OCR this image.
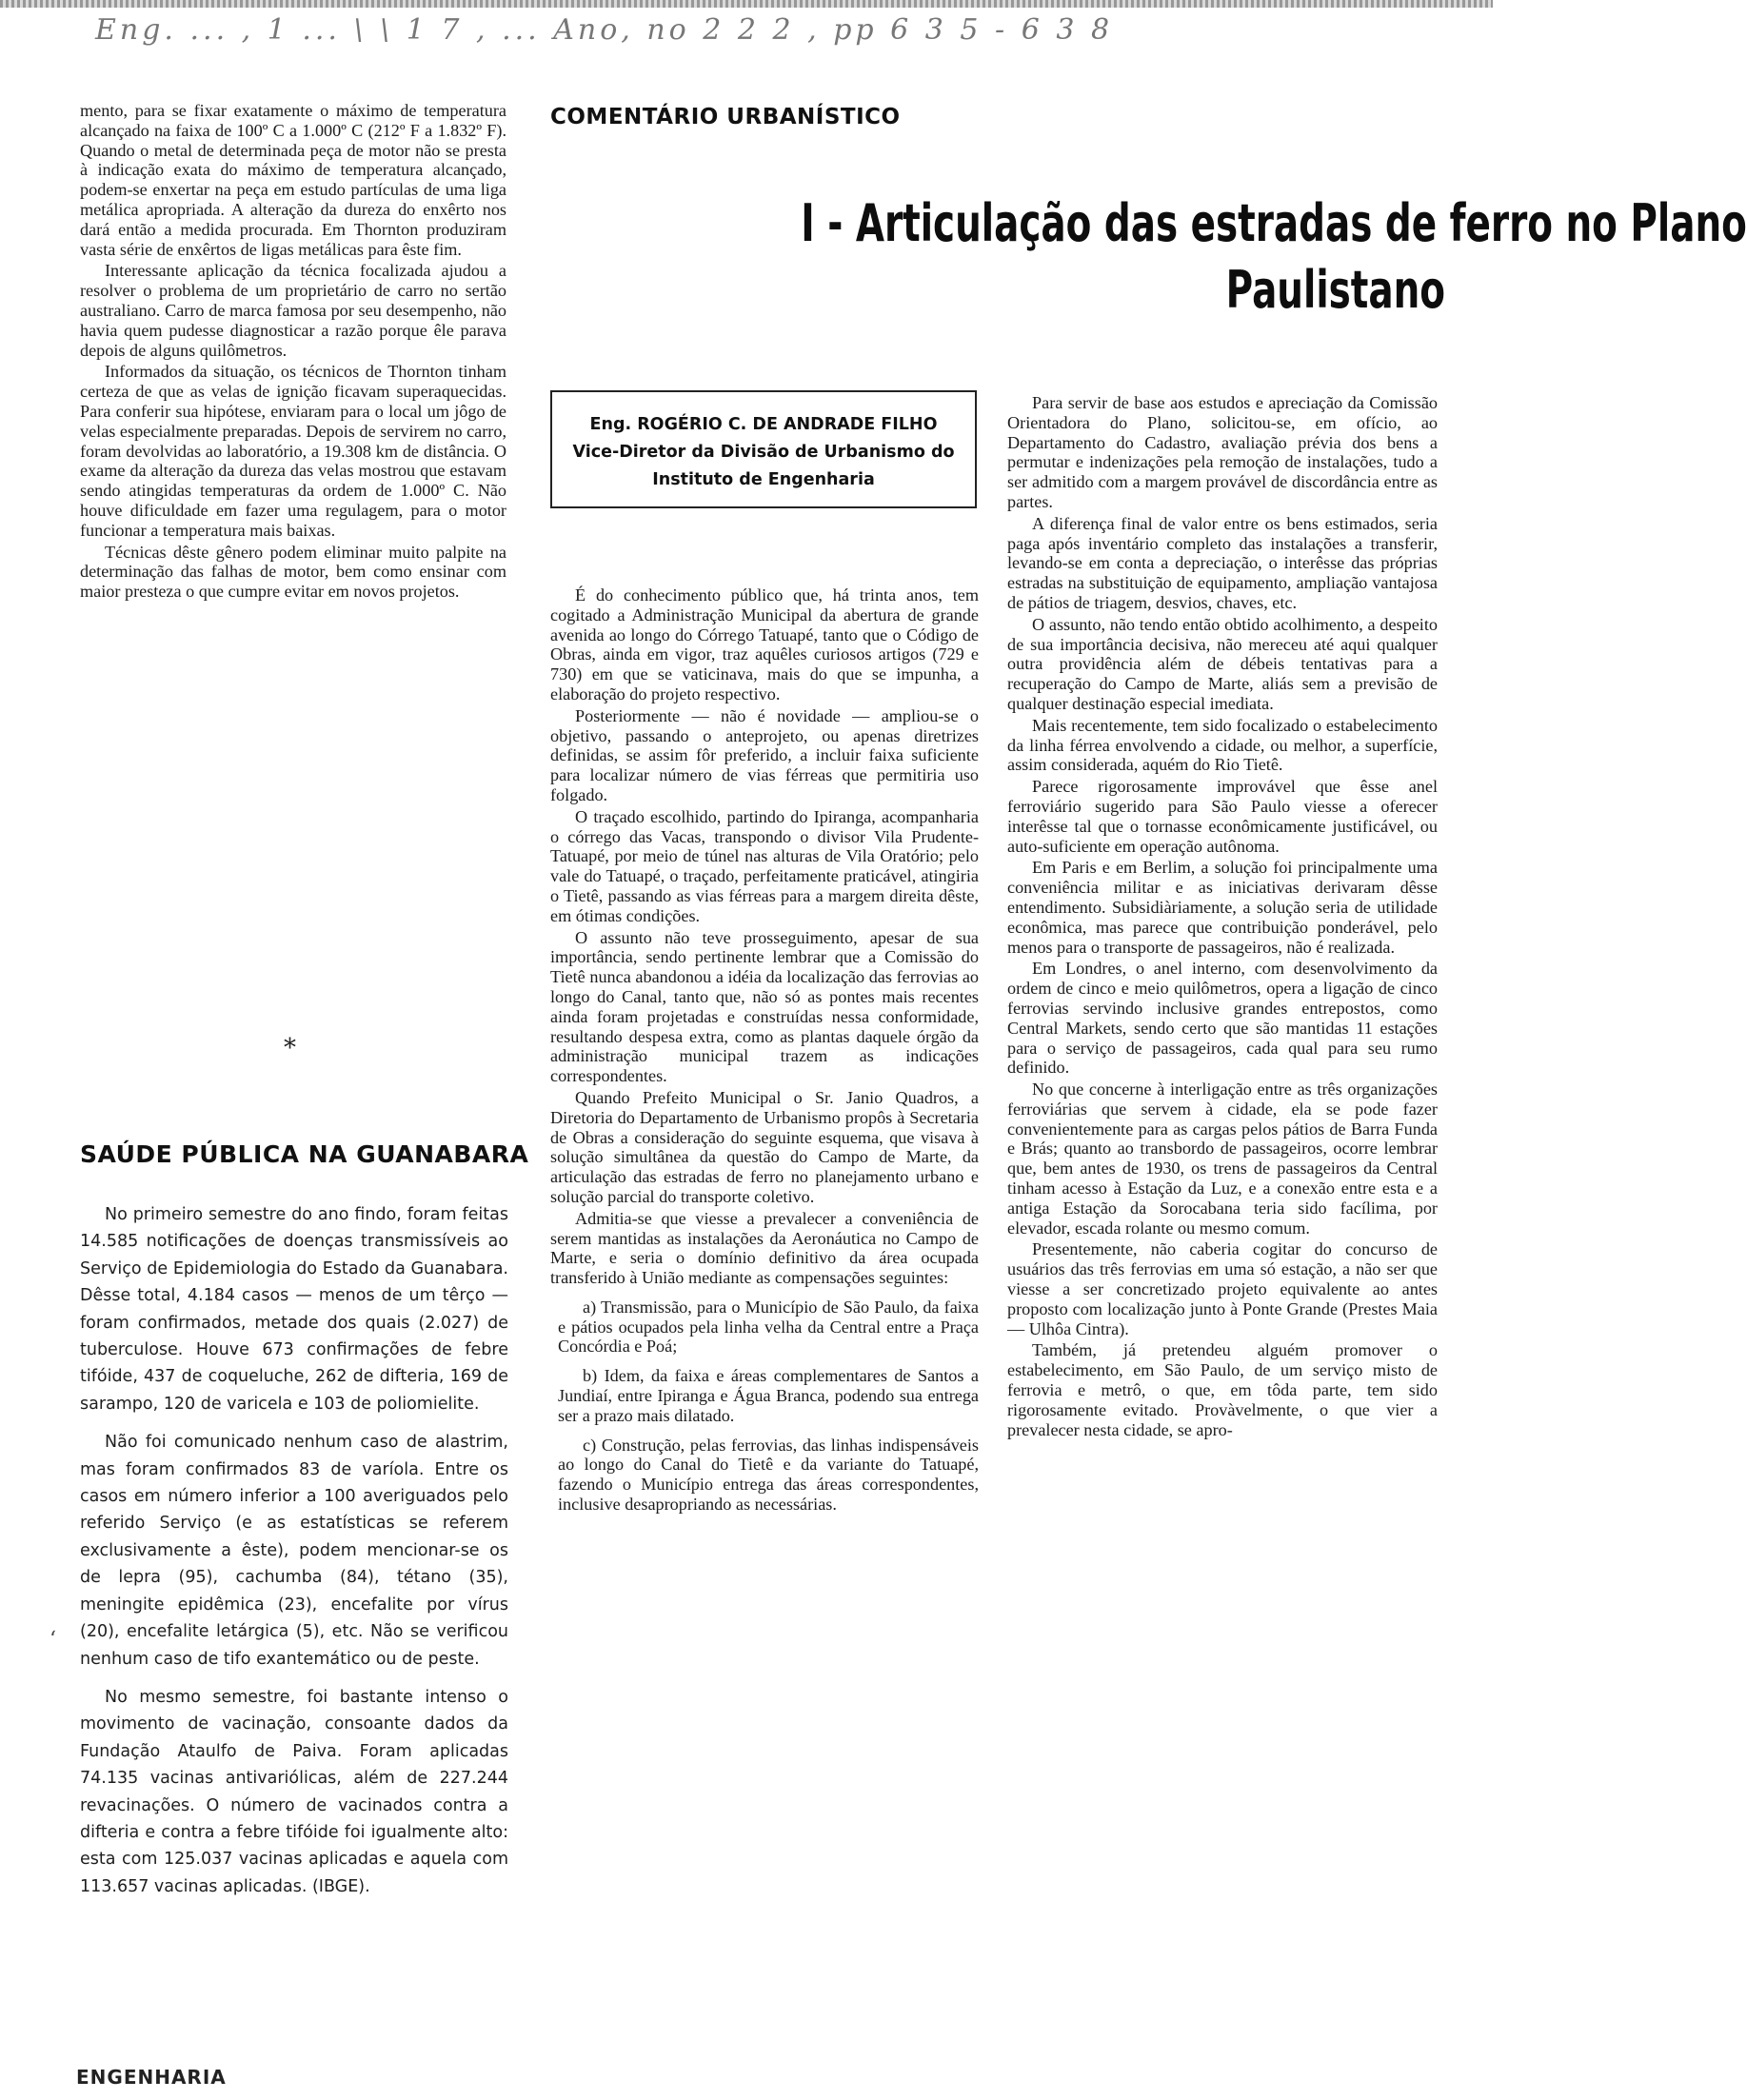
Eng. ... , 1 ... \ \ 1 7 , ... Ano, no 2 2 2 , pp 6 3 5 - 6 3 8

mento, para se fixar exatamente o máximo de temperatura alcançado na faixa de 100º C a 1.000º C (212º F a 1.832º F). Quando o metal de determinada peça de motor não se presta à indicação exata do máximo de temperatura alcançado, podem-se enxertar na peça em estudo partículas de uma liga metálica apropriada. A alteração da dureza do enxêrto nos dará então a medida procurada. Em Thornton produziram vasta série de enxêrtos de ligas metálicas para êste fim.

Interessante aplicação da técnica focalizada ajudou a resolver o problema de um proprietário de carro no sertão australiano. Carro de marca famosa por seu desempenho, não havia quem pudesse diagnosticar a razão porque êle parava depois de alguns quilômetros.

Informados da situação, os técnicos de Thornton tinham certeza de que as velas de ignição ficavam superaquecidas. Para conferir sua hipótese, enviaram para o local um jôgo de velas especialmente preparadas. Depois de servirem no carro, foram devolvidas ao laboratório, a 19.308 km de distância. O exame da alteração da dureza das velas mostrou que estavam sendo atingidas temperaturas da ordem de 1.000º C. Não houve dificuldade em fazer uma regulagem, para o motor funcionar a temperatura mais baixas.

Técnicas dêste gênero podem eliminar muito palpite na determinação das falhas de motor, bem como ensinar com maior presteza o que cumpre evitar em novos projetos.

*
SAÚDE PÚBLICA NA GUANABARA

No primeiro semestre do ano findo, foram feitas 14.585 notificações de doenças transmissíveis ao Serviço de Epidemiologia do Estado da Guanabara. Dêsse total, 4.184 casos — menos de um têrço — foram confirmados, metade dos quais (2.027) de tuberculose. Houve 673 confirmações de febre tifóide, 437 de coqueluche, 262 de difteria, 169 de sarampo, 120 de varicela e 103 de poliomielite.

Não foi comunicado nenhum caso de alastrim, mas foram confirmados 83 de varíola. Entre os casos em número inferior a 100 averiguados pelo referido Serviço (e as estatísticas se referem exclusivamente a êste), podem mencionar-se os de lepra (95), cachumba (84), tétano (35), meningite epidêmica (23), encefalite por vírus (20), encefalite letárgica (5), etc. Não se verificou nenhum caso de tifo exantemático ou de peste.

No mesmo semestre, foi bastante intenso o movimento de vacinação, consoante dados da Fundação Ataulfo de Paiva. Foram aplicadas 74.135 vacinas antivariólicas, além de 227.244 revacinações. O número de vacinados contra a difteria e contra a febre tifóide foi igualmente alto: esta com 125.037 vacinas aplicadas e aquela com 113.657 vacinas aplicadas. (IBGE).

ʻ
COMENTÁRIO URBANÍSTICO
I - Articulação das estradas de ferro no Plano
Paulistano
Eng. ROGÉRIO C. DE ANDRADE FILHO
Vice-Diretor da Divisão de Urbanismo do
Instituto de Engenharia

É do conhecimento público que, há trinta anos, tem cogitado a Administração Municipal da abertura de grande avenida ao longo do Córrego Tatuapé, tanto que o Código de Obras, ainda em vigor, traz aquêles curiosos artigos (729 e 730) em que se vaticinava, mais do que se impunha, a elaboração do projeto respectivo.

Posteriormente — não é novidade — ampliou-se o objetivo, passando o anteprojeto, ou apenas diretrizes definidas, se assim fôr preferido, a incluir faixa suficiente para localizar número de vias férreas que permitiria uso folgado.

O traçado escolhido, partindo do Ipiranga, acompanharia o córrego das Vacas, transpondo o divisor Vila Prudente-Tatuapé, por meio de túnel nas alturas de Vila Oratório; pelo vale do Tatuapé, o traçado, perfeitamente praticável, atingiria o Tietê, passando as vias férreas para a margem direita dêste, em ótimas condições.

O assunto não teve prosseguimento, apesar de sua importância, sendo pertinente lembrar que a Comissão do Tietê nunca abandonou a idéia da localização das ferrovias ao longo do Canal, tanto que, não só as pontes mais recentes ainda foram projetadas e construídas nessa conformidade, resultando despesa extra, como as plantas daquele órgão da administração municipal trazem as indicações correspondentes.

Quando Prefeito Municipal o Sr. Janio Quadros, a Diretoria do Departamento de Urbanismo propôs à Secretaria de Obras a consideração do seguinte esquema, que visava à solução simultânea da questão do Campo de Marte, da articulação das estradas de ferro no planejamento urbano e solução parcial do transporte coletivo.

Admitia-se que viesse a prevalecer a conveniência de serem mantidas as instalações da Aeronáutica no Campo de Marte, e seria o domínio definitivo da área ocupada transferido à União mediante as compensações seguintes:

a) Transmissão, para o Município de São Paulo, da faixa e pátios ocupados pela linha velha da Central entre a Praça Concórdia e Poá;

b) Idem, da faixa e áreas complementares de Santos a Jundiaí, entre Ipiranga e Água Branca, podendo sua entrega ser a prazo mais dilatado.

c) Construção, pelas ferrovias, das linhas indispensáveis ao longo do Canal do Tietê e da variante do Tatuapé, fazendo o Município entrega das áreas correspondentes, inclusive desapropriando as necessárias.

Para servir de base aos estudos e apreciação da Comissão Orientadora do Plano, solicitou-se, em ofício, ao Departamento do Cadastro, avaliação prévia dos bens a permutar e indenizações pela remoção de instalações, tudo a ser admitido com a margem provável de discordância entre as partes.

A diferença final de valor entre os bens estimados, seria paga após inventário completo das instalações a transferir, levando-se em conta a depreciação, o interêsse das próprias estradas na substituição de equipamento, ampliação vantajosa de pátios de triagem, desvios, chaves, etc.

O assunto, não tendo então obtido acolhimento, a despeito de sua importância decisiva, não mereceu até aqui qualquer outra providência além de débeis tentativas para a recuperação do Campo de Marte, aliás sem a previsão de qualquer destinação especial imediata.

Mais recentemente, tem sido focalizado o estabelecimento da linha férrea envolvendo a cidade, ou melhor, a superfície, assim considerada, aquém do Rio Tietê.

Parece rigorosamente improvável que êsse anel ferroviário sugerido para São Paulo viesse a oferecer interêsse tal que o tornasse econômicamente justificável, ou auto-suficiente em operação autônoma.

Em Paris e em Berlim, a solução foi principalmente uma conveniência militar e as iniciativas derivaram dêsse entendimento. Subsidiàriamente, a solução seria de utilidade econômica, mas parece que contribuição ponderável, pelo menos para o transporte de passageiros, não é realizada.

Em Londres, o anel interno, com desenvolvimento da ordem de cinco e meio quilômetros, opera a ligação de cinco ferrovias servindo inclusive grandes entrepostos, como Central Markets, sendo certo que são mantidas 11 estações para o serviço de passageiros, cada qual para seu rumo definido.

No que concerne à interligação entre as três organizações ferroviárias que servem à cidade, ela se pode fazer convenientemente para as cargas pelos pátios de Barra Funda e Brás; quanto ao transbordo de passageiros, ocorre lembrar que, bem antes de 1930, os trens de passageiros da Central tinham acesso à Estação da Luz, e a conexão entre esta e a antiga Estação da Sorocabana teria sido facílima, por elevador, escada rolante ou mesmo comum.

Presentemente, não caberia cogitar do concurso de usuários das três ferrovias em uma só estação, a não ser que viesse a ser concretizado projeto equivalente ao antes proposto com localização junto à Ponte Grande (Prestes Maia — Ulhôa Cintra).

Também, já pretendeu alguém promover o estabelecimento, em São Paulo, de um serviço misto de ferrovia e metrô, o que, em tôda parte, tem sido rigorosamente evitado. Provàvelmente, o que vier a prevalecer nesta cidade, se apro-

ENGENHARIA
